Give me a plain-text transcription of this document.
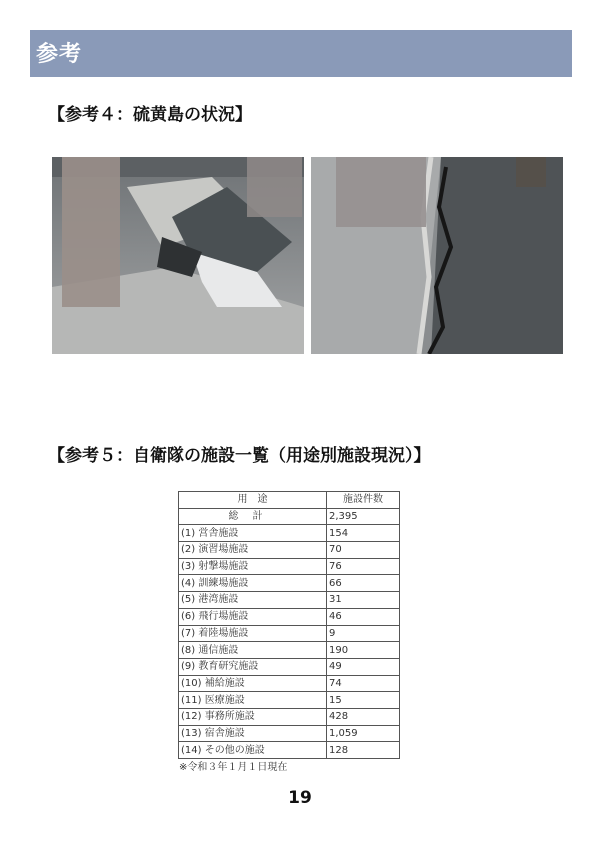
参考
【参考４：硫黄島の状況】
【参考５：自衛隊の施設一覧（用途別施設現況）】
用　途	施設件数
総計	2,395
(1) 営舎施設	154
(2) 演習場施設	70
(3) 射撃場施設	76
(4) 訓練場施設	66
(5) 港湾施設	31
(6) 飛行場施設	46
(7) 着陸場施設	9
(8) 通信施設	190
(9) 教育研究施設	49
(10) 補給施設	74
(11) 医療施設	15
(12) 事務所施設	428
(13) 宿舎施設	1,059
(14) その他の施設	128
※令和３年１月１日現在
19
